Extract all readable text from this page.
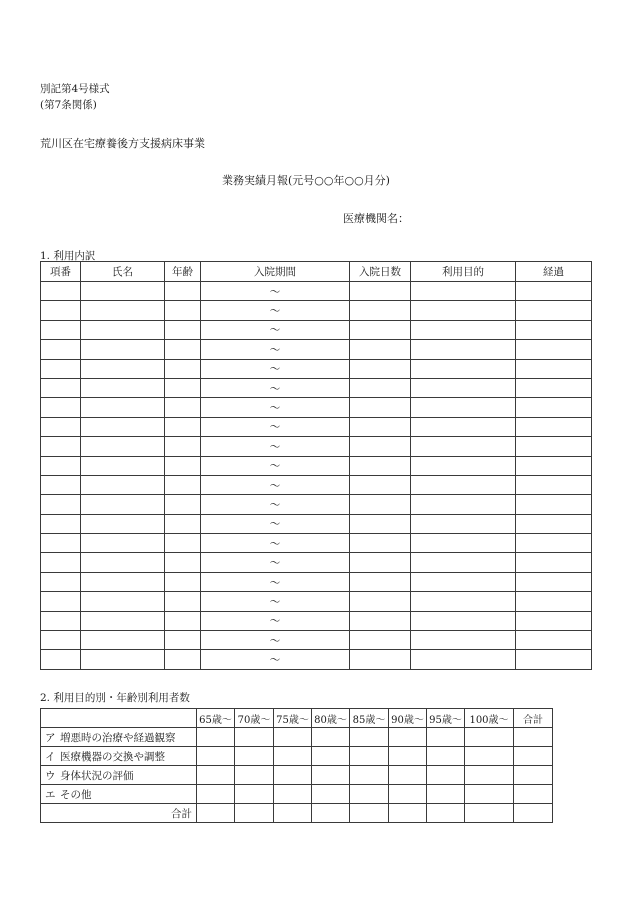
別記第4号様式
(第7条関係)
荒川区在宅療養後方支援病床事業
業務実績月報(元号○○年○○月分)
医療機関名：
1. 利用内訳
項番	氏名	年齢	入院期間	入院日数	利用目的	経過
			～			
			～			
			～			
			～			
			～			
			～			
			～			
			～			
			～			
			～			
			～			
			～			
			～			
			～			
			～			
			～			
			～			
			～			
			～			
			～			
2. 利用目的別・年齢別利用者数
	65歳～	70歳～	75歳～	80歳～	85歳～	90歳～	95歳～	100歳～	合計
ア 増悪時の治療や経過観察									
イ 医療機器の交換や調整									
ウ 身体状況の評価									
エ その他									
合計									
